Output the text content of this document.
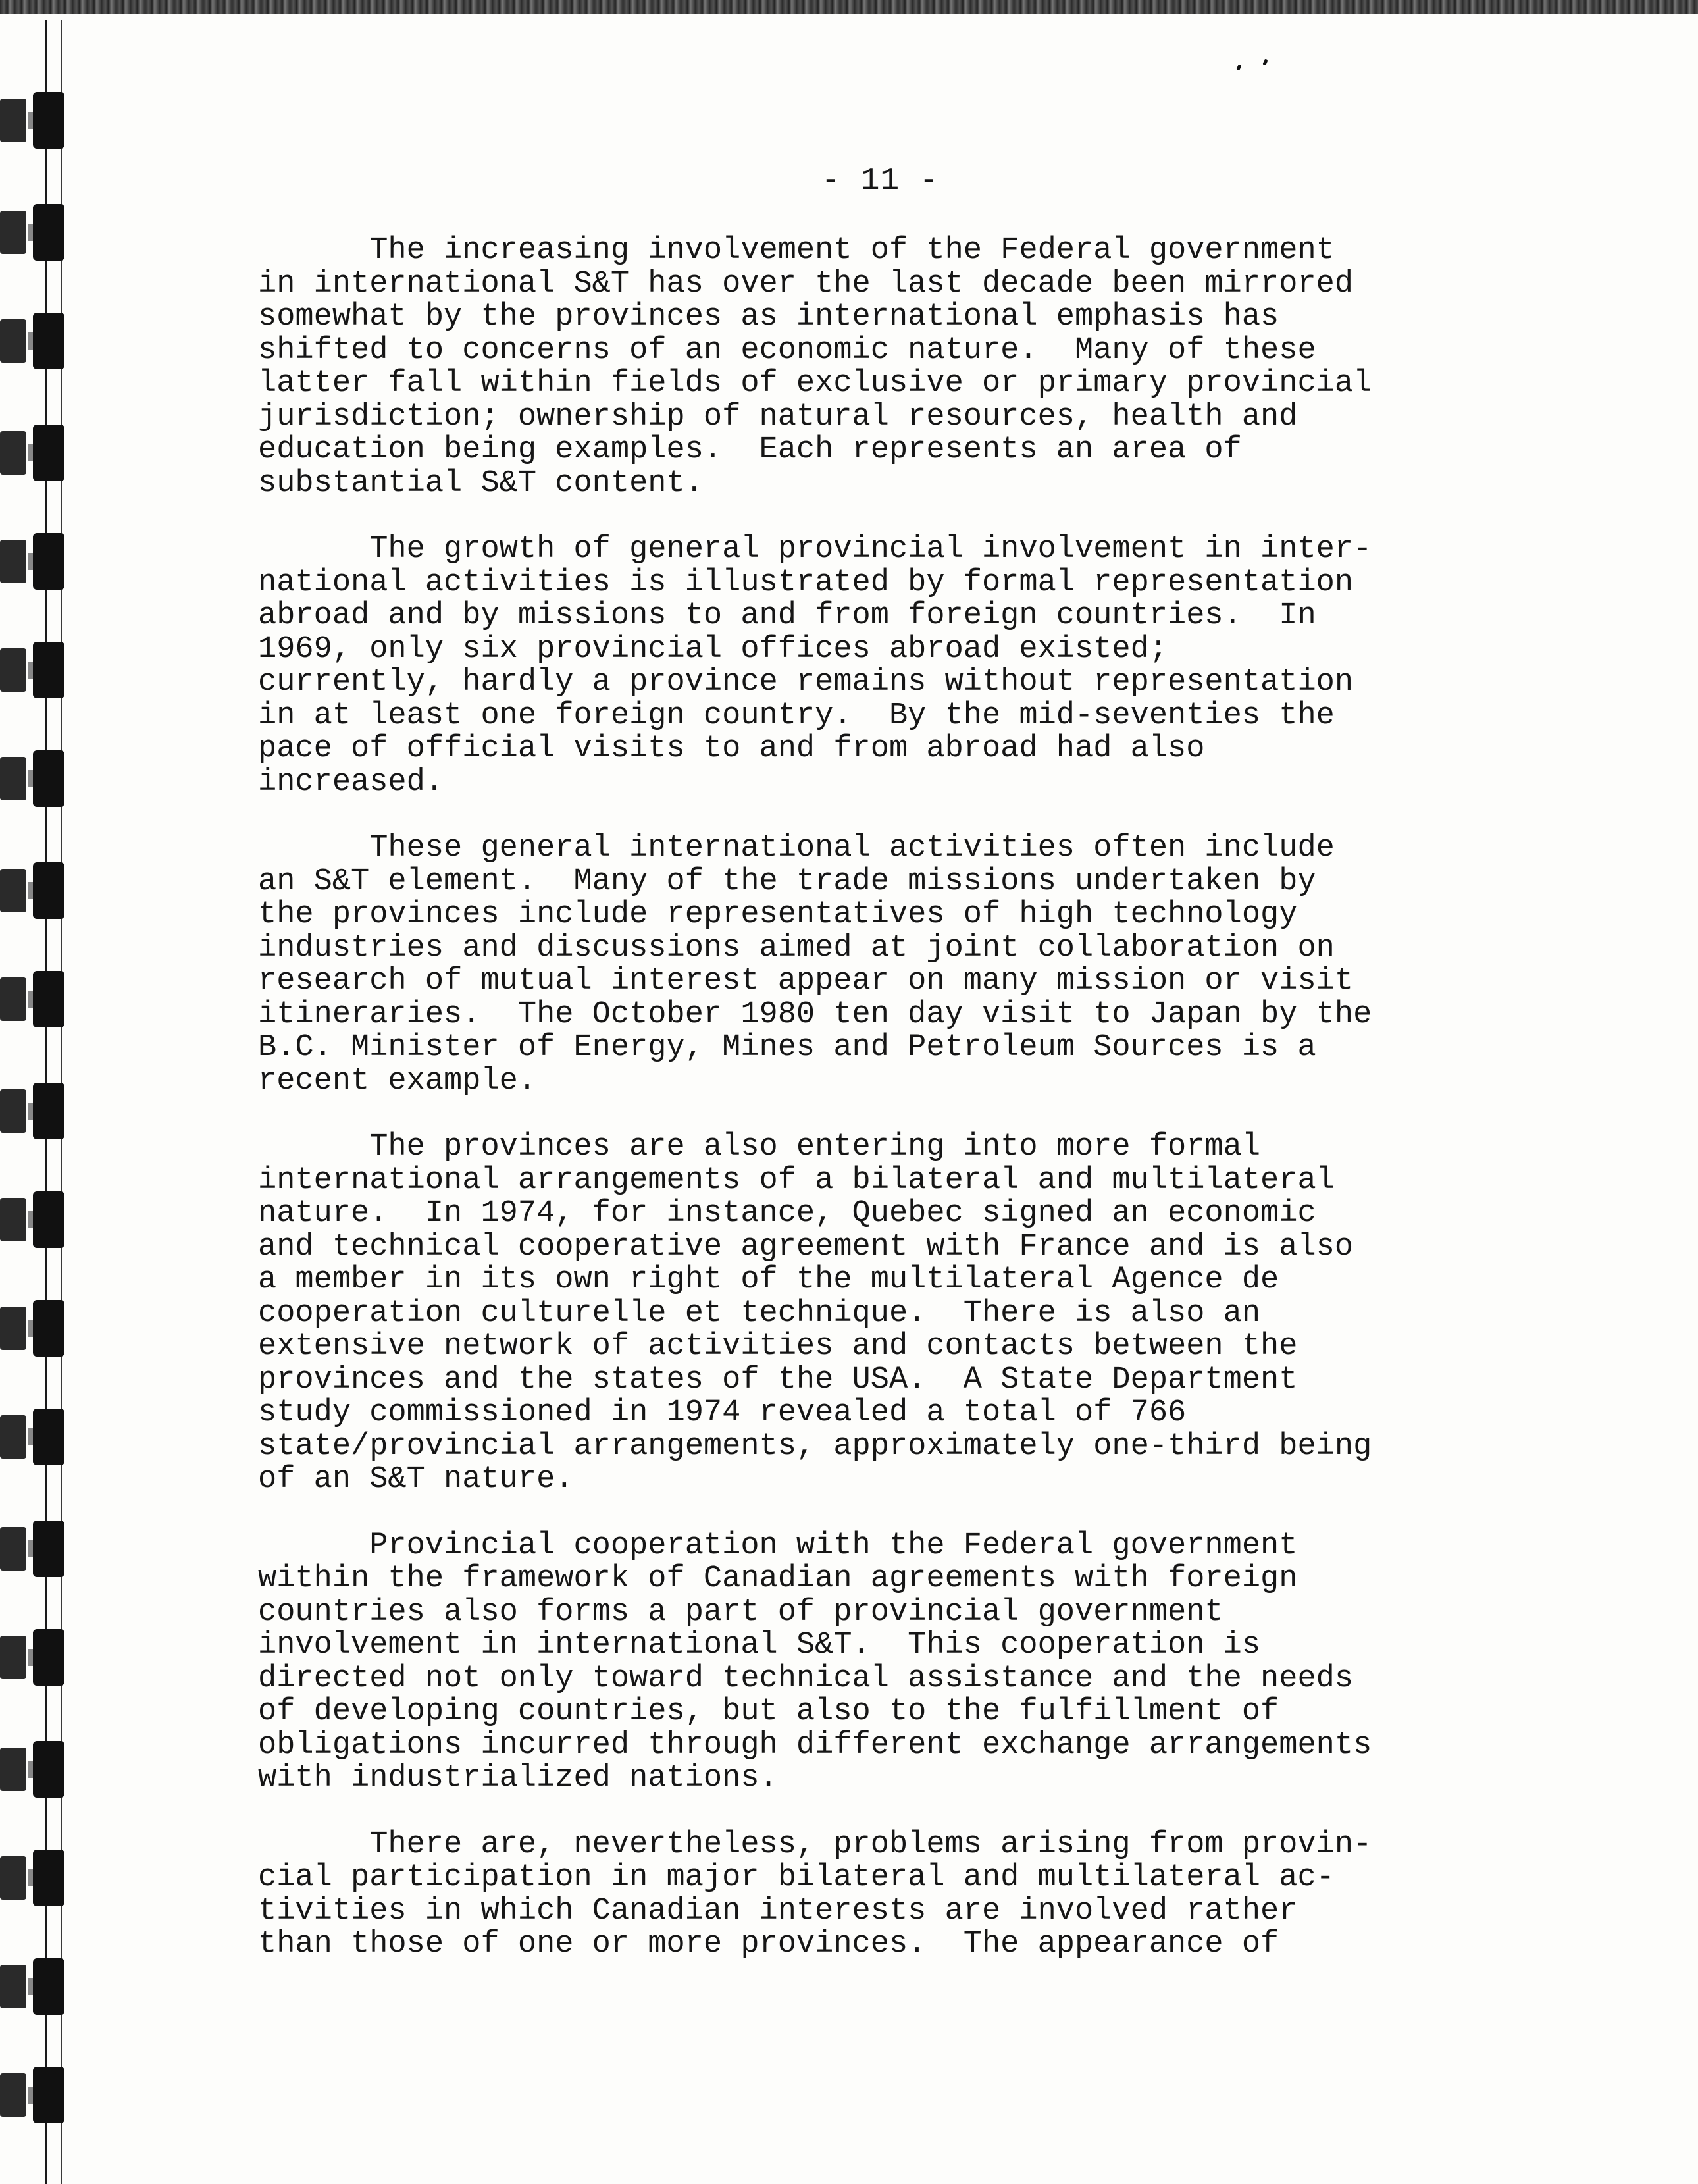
- 11 -
The increasing involvement of the Federal government
in international S&T has over the last decade been mirrored
somewhat by the provinces as international emphasis has
shifted to concerns of an economic nature.  Many of these
latter fall within fields of exclusive or primary provincial
jurisdiction; ownership of natural resources, health and
education being examples.  Each represents an area of
substantial S&T content.
The growth of general provincial involvement in inter-
national activities is illustrated by formal representation
abroad and by missions to and from foreign countries.  In
1969, only six provincial offices abroad existed;
currently, hardly a province remains without representation
in at least one foreign country.  By the mid-seventies the
pace of official visits to and from abroad had also
increased.
These general international activities often include
an S&T element.  Many of the trade missions undertaken by
the provinces include representatives of high technology
industries and discussions aimed at joint collaboration on
research of mutual interest appear on many mission or visit
itineraries.  The October 1980 ten day visit to Japan by the
B.C. Minister of Energy, Mines and Petroleum Sources is a
recent example.
The provinces are also entering into more formal
international arrangements of a bilateral and multilateral
nature.  In 1974, for instance, Quebec signed an economic
and technical cooperative agreement with France and is also
a member in its own right of the multilateral Agence de
cooperation culturelle et technique.  There is also an
extensive network of activities and contacts between the
provinces and the states of the USA.  A State Department
study commissioned in 1974 revealed a total of 766
state/provincial arrangements, approximately one-third being
of an S&T nature.
Provincial cooperation with the Federal government
within the framework of Canadian agreements with foreign
countries also forms a part of provincial government
involvement in international S&T.  This cooperation is
directed not only toward technical assistance and the needs
of developing countries, but also to the fulfillment of
obligations incurred through different exchange arrangements
with industrialized nations.
There are, nevertheless, problems arising from provin-
cial participation in major bilateral and multilateral ac-
tivities in which Canadian interests are involved rather
than those of one or more provinces.  The appearance of
